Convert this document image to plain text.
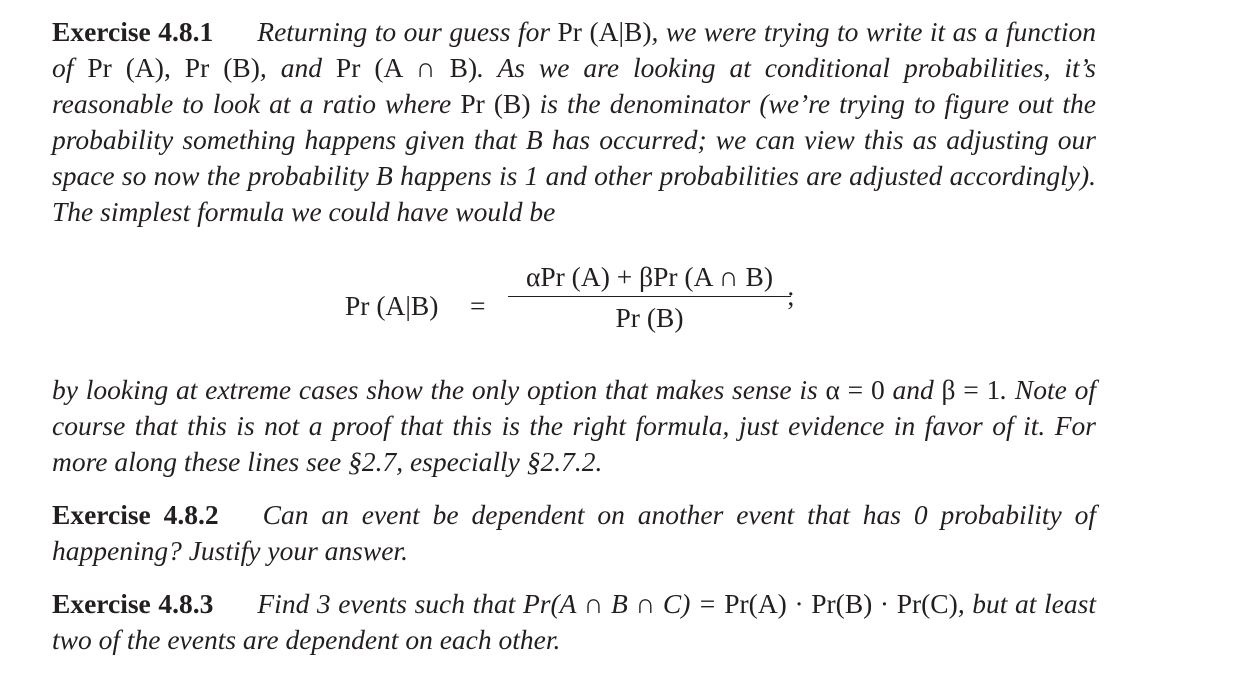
Exercise 4.8.1 Returning to our guess for Pr (A|B), we were trying to write it as a function of Pr (A), Pr (B), and Pr (A ∩ B). As we are looking at conditional probabilities, it’s reasonable to look at a ratio where Pr (B) is the denominator (we’re trying to figure out the probability something happens given that B has occurred; we can view this as adjusting our space so now the probability B happens is 1 and other probabilities are adjusted accordingly). The simplest formula we could have would be

Pr (A|B) =
αPr (A) + βPr (A ∩ B)
Pr (B)
;

by looking at extreme cases show the only option that makes sense is α = 0 and β = 1. Note of course that this is not a proof that this is the right formula, just evidence in favor of it. For more along these lines see §2.7, especially §2.7.2.

Exercise 4.8.2 Can an event be dependent on another event that has 0 probability of happening? Justify your answer.

Exercise 4.8.3 Find 3 events such that Pr(A ∩ B ∩ C) = Pr(A) · Pr(B) · Pr(C), but at least two of the events are dependent on each other.
